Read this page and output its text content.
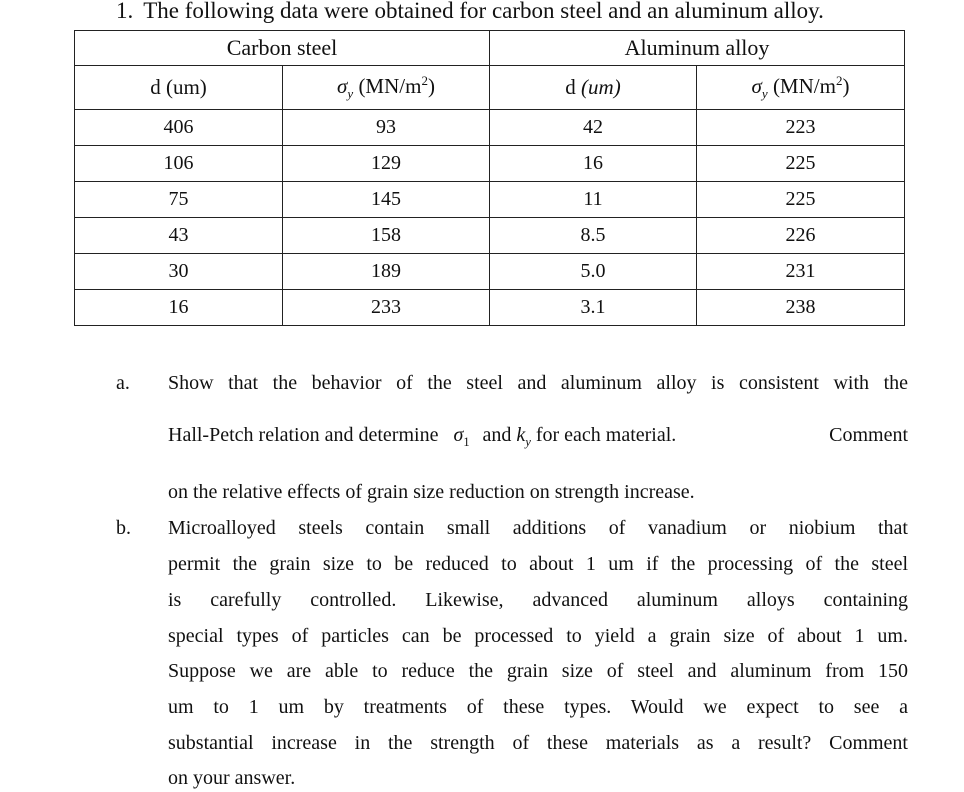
1. The following data were obtained for carbon steel and an aluminum alloy.
Carbon steel		Aluminum alloy	
d (um)	$\sigma_y$ $(MN/m^2)$	d (um)	$\sigma_y$ $(MN/m^2)$
406	93	42	223
106	129	16	225
75	145	11	225
43	158	8.5	226
30	189	5.0	231
16	233	3.1	238
a. Show that the behavior of the steel and aluminum alloy is consistent with the
Hall-Petch relation and determine $\sigma_1$ and $k_y$ for each material.	Comment
on the relative effects of grain size reduction on strength increase.
b. Microalloyed steels contain small additions of vanadium or niobium that
permit the grain size to be reduced to about 1 um if the processing of the steel
is carefully controlled. Likewise, advanced aluminum alloys containing
special types of particles can be processed to yield a grain size of about 1 um.
Suppose we are able to reduce the grain size of steel and aluminum from 150
um to 1 um by treatments of these types. Would we expect to see a
substantial increase in the strength of these materials as a result? Comment
on your answer.
